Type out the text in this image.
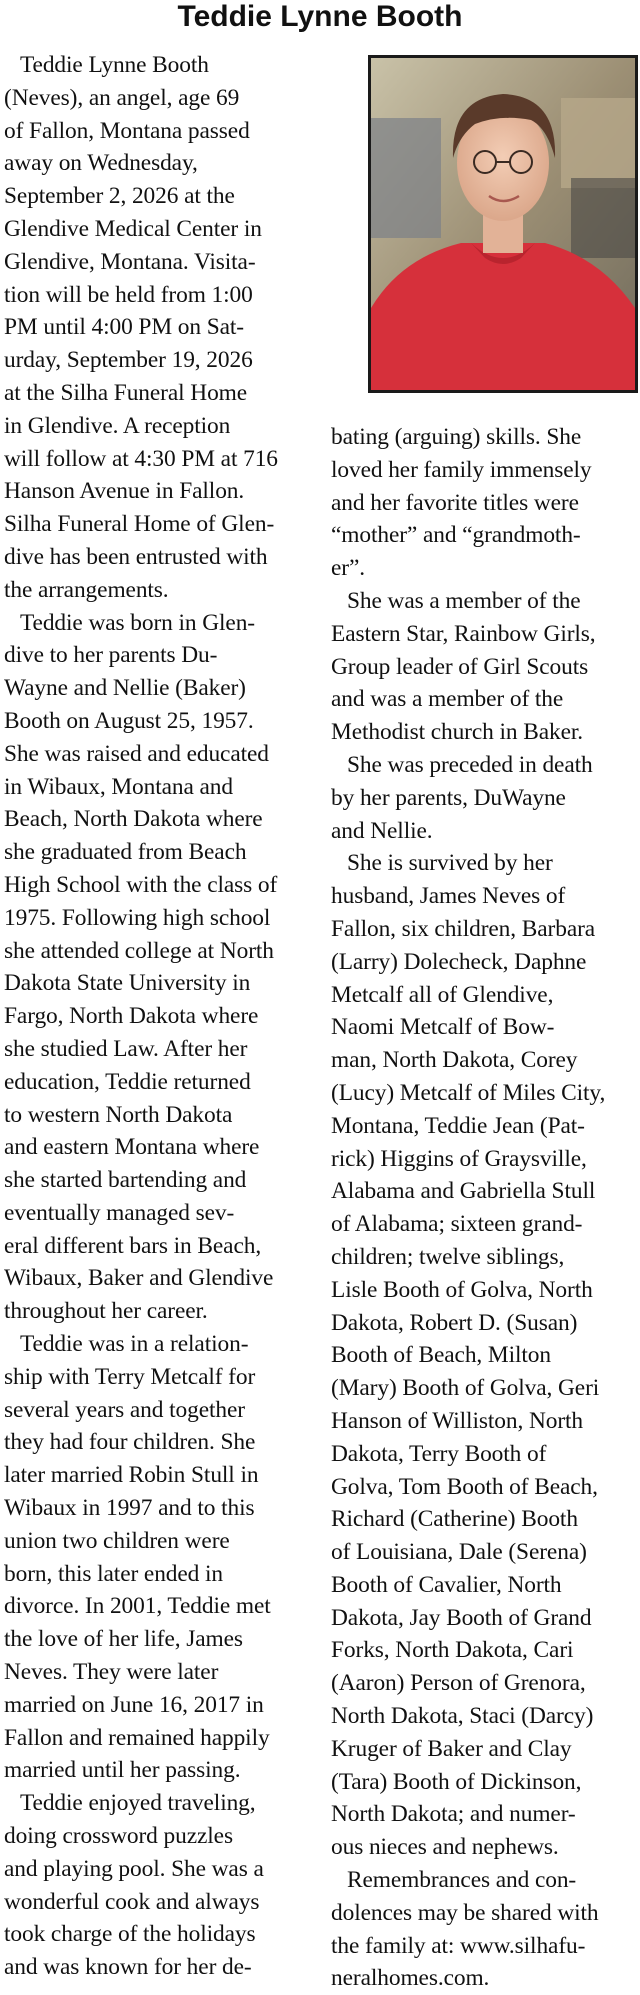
Teddie Lynne Booth

Teddie Lynne Booth
(Neves), an angel, age 69
of Fallon, Montana passed
away on Wednesday,
September 2, 2026 at the
Glendive Medical Center in
Glendive, Montana. Visita-
tion will be held from 1:00
PM until 4:00 PM on Sat-
urday, September 19, 2026
at the Silha Funeral Home
in Glendive. A reception
will follow at 4:30 PM at 716
Hanson Avenue in Fallon.
Silha Funeral Home of Glen-
dive has been entrusted with
the arrangements.

Teddie was born in Glen-
dive to her parents Du-
Wayne and Nellie (Baker)
Booth on August 25, 1957.
She was raised and educated
in Wibaux, Montana and
Beach, North Dakota where
she graduated from Beach
High School with the class of
1975. Following high school
she attended college at North
Dakota State University in
Fargo, North Dakota where
she studied Law. After her
education, Teddie returned
to western North Dakota
and eastern Montana where
she started bartending and
eventually managed sev-
eral different bars in Beach,
Wibaux, Baker and Glendive
throughout her career.

Teddie was in a relation-
ship with Terry Metcalf for
several years and together
they had four children. She
later married Robin Stull in
Wibaux in 1997 and to this
union two children were
born, this later ended in
divorce. In 2001, Teddie met
the love of her life, James
Neves. They were later
married on June 16, 2017 in
Fallon and remained happily
married until her passing.

Teddie enjoyed traveling,
doing crossword puzzles
and playing pool. She was a
wonderful cook and always
took charge of the holidays
and was known for her de-

bating (arguing) skills. She
loved her family immensely
and her favorite titles were
“mother” and “grandmoth-
er”.

She was a member of the
Eastern Star, Rainbow Girls,
Group leader of Girl Scouts
and was a member of the
Methodist church in Baker.

She was preceded in death
by her parents, DuWayne
and Nellie.

She is survived by her
husband, James Neves of
Fallon, six children, Barbara
(Larry) Dolecheck, Daphne
Metcalf all of Glendive,
Naomi Metcalf of Bow-
man, North Dakota, Corey
(Lucy) Metcalf of Miles City,
Montana, Teddie Jean (Pat-
rick) Higgins of Graysville,
Alabama and Gabriella Stull
of Alabama; sixteen grand-
children; twelve siblings,
Lisle Booth of Golva, North
Dakota, Robert D. (Susan)
Booth of Beach, Milton
(Mary) Booth of Golva, Geri
Hanson of Williston, North
Dakota, Terry Booth of
Golva, Tom Booth of Beach,
Richard (Catherine) Booth
of Louisiana, Dale (Serena)
Booth of Cavalier, North
Dakota, Jay Booth of Grand
Forks, North Dakota, Cari
(Aaron) Person of Grenora,
North Dakota, Staci (Darcy)
Kruger of Baker and Clay
(Tara) Booth of Dickinson,
North Dakota; and numer-
ous nieces and nephews.

Remembrances and con-
dolences may be shared with
the family at: www.silhafu-
neralhomes.com.
